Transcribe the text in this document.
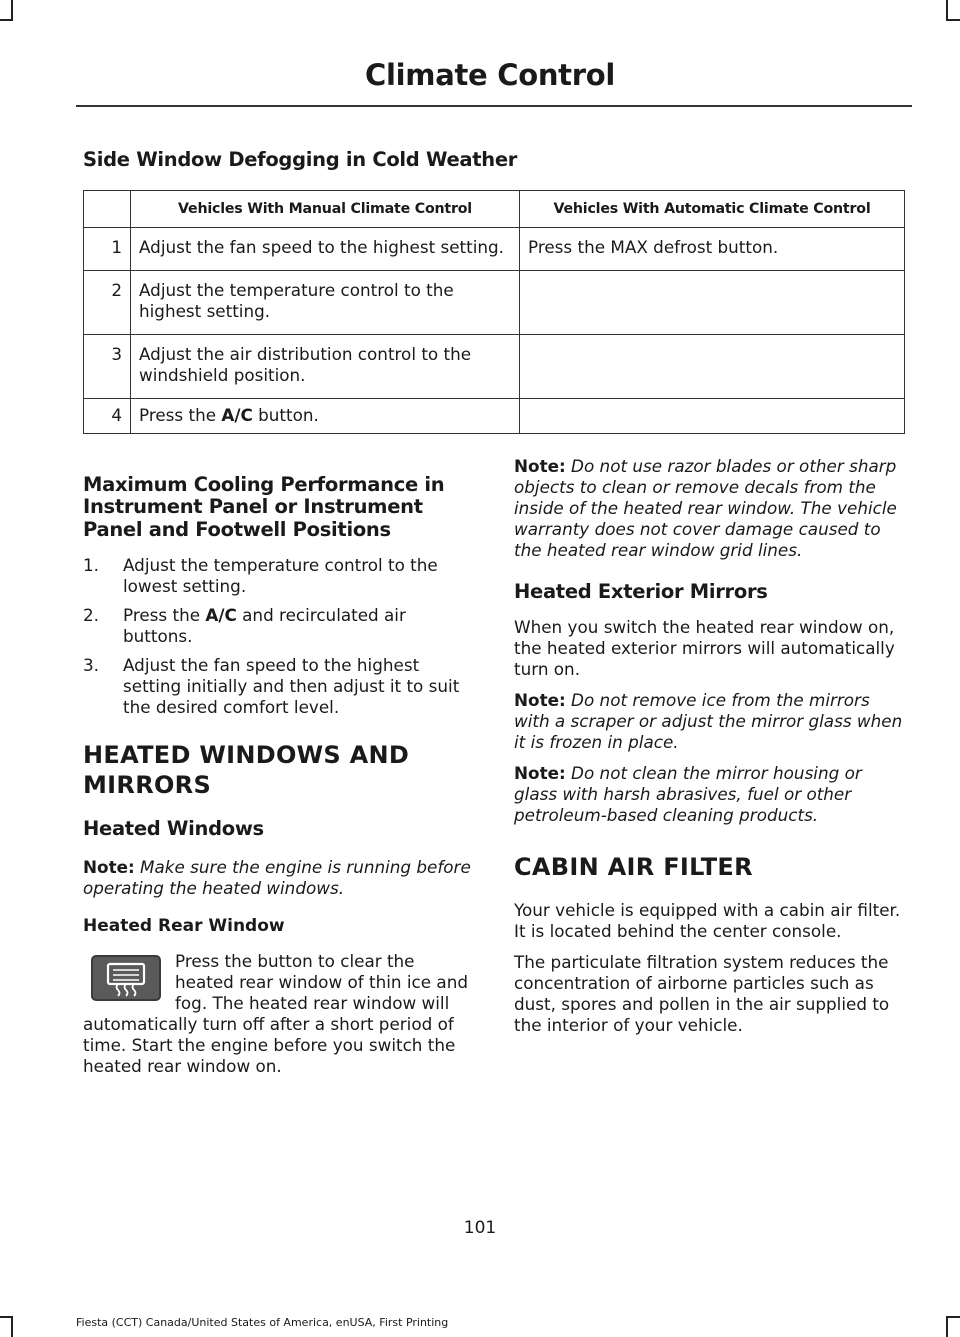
Climate Control
Side Window Defogging in Cold Weather
	Vehicles With Manual Climate Control	Vehicles With Automatic Climate Control
1	Adjust the fan speed to the highest setting.	Press the MAX defrost button.
2	Adjust the temperature control to the highest setting.	
3	Adjust the air distribution control to the windshield position.	
4	Press the A/C button.	
Maximum Cooling Performance in Instrument Panel or Instrument Panel and Footwell Positions
1. Adjust the temperature control to the lowest setting.
2. Press the A/C and recirculated air buttons.
3. Adjust the fan speed to the highest setting initially and then adjust it to suit the desired comfort level.
HEATED WINDOWS AND
MIRRORS
Heated Windows

Note: Make sure the engine is running before operating the heated windows.

Heated Rear Window

Press the button to clear the heated rear window of thin ice and fog. The heated rear window will automatically turn off after a short period of time. Start the engine before you switch the heated rear window on.

Note: Do not use razor blades or other sharp objects to clean or remove decals from the inside of the heated rear window. The vehicle warranty does not cover damage caused to the heated rear window grid lines.

Heated Exterior Mirrors

When you switch the heated rear window on, the heated exterior mirrors will automatically turn on.

Note: Do not remove ice from the mirrors with a scraper or adjust the mirror glass when it is frozen in place.

Note: Do not clean the mirror housing or glass with harsh abrasives, fuel or other petroleum-based cleaning products.

CABIN AIR FILTER

Your vehicle is equipped with a cabin air filter. It is located behind the center console.

The particulate filtration system reduces the concentration of airborne particles such as dust, spores and pollen in the air supplied to the interior of your vehicle.

101
Fiesta (CCT) Canada/United States of America, enUSA, First Printing
